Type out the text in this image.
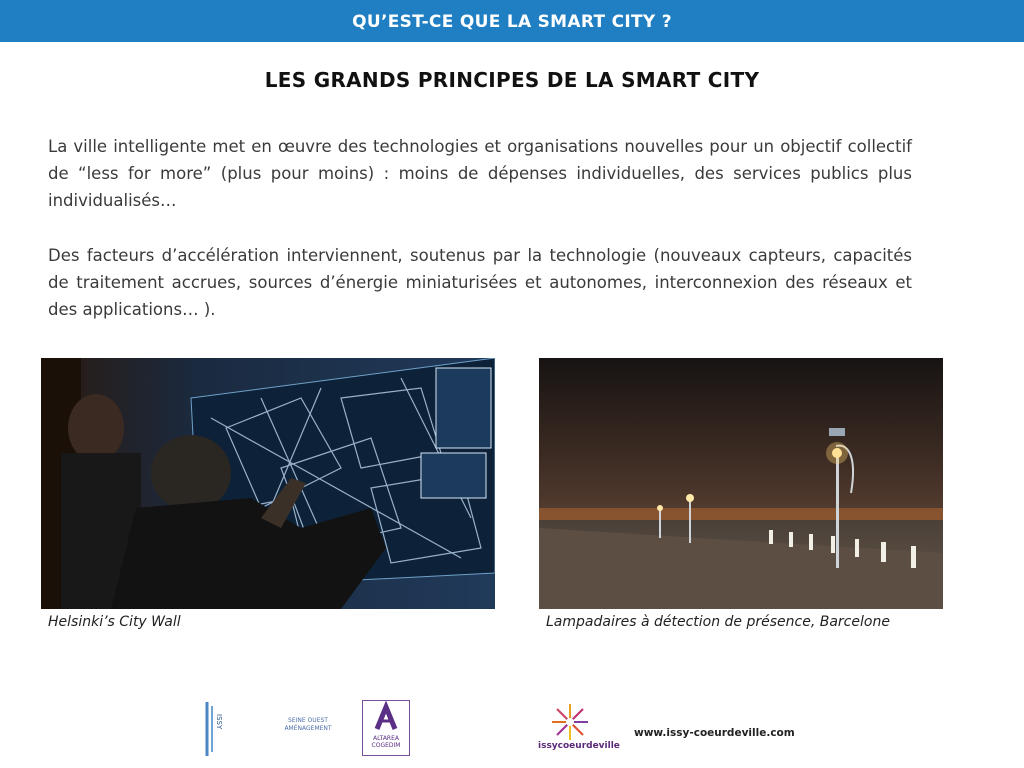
QU’EST-CE QUE LA SMART CITY ?
LES GRANDS PRINCIPES DE LA SMART CITY

La ville intelligente met en œuvre des technologies et organisations nouvelles pour un objectif collectif de “less for more” (plus pour moins) : moins de dépenses individuelles, des services publics plus individualisés…

Des facteurs d’accélération interviennent, soutenus par la technologie (nouveaux capteurs, capacités de traitement accrues, sources d’énergie miniaturisées et autonomes, interconnexion des réseaux et des applications… ).

Helsinki’s City Wall	Lampadaires à détection de présence, Barcelone
ISSY	SEINE OUEST
AMÉNAGEMENT
ALTAREA
COGEDIM	issycoeurdeville
www.issy-coeurdeville.com
